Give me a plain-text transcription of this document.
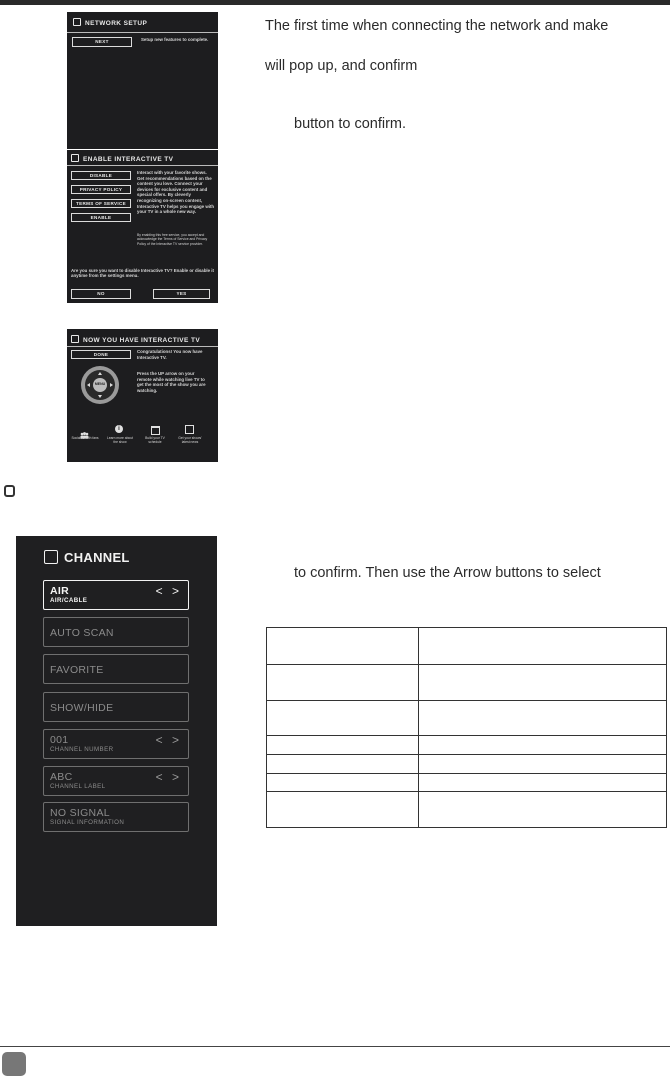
NETWORK SETUP
NEXT	Setup new features to complete.
ENABLE INTERACTIVE TV
DISABLE
PRIVACY POLICY
TERMS OF SERVICE
ENABLE
Interact with your favorite shows. Get recommendations based on the content you love. Connect your devices for exclusive content and special offers. By cleverly recognizing on-screen content, Interactive TV helps you engage with your TV in a whole new way.
By enabling this free service, you accept and acknowledge the Terms of Service and Privacy Policy of the Interactive TV service provider.
Are you sure you want to disable Interactive TV? Enable or disable it anytime from the settings menu.
NO	YES
NOW YOU HAVE INTERACTIVE TV
DONE
Congratulations! You now have Interactive TV.
Press the UP arrow on your remote while watching live TV to get the most of the show you are watching.
MENU
i
Socialize with fans	Learn more about the show
Build your TV schedule
Get your shows' latest news
The first time when connecting the network and make
will pop up, and confirm
button to confirm.
to confirm. Then use the Arrow buttons to select
CHANNEL
AIR
AIR/CABLE
< >
AUTO SCAN
FAVORITE
SHOW/HIDE
001
CHANNEL NUMBER
< >
ABC
CHANNEL LABEL
< >
NO SIGNAL
SIGNAL INFORMATION
